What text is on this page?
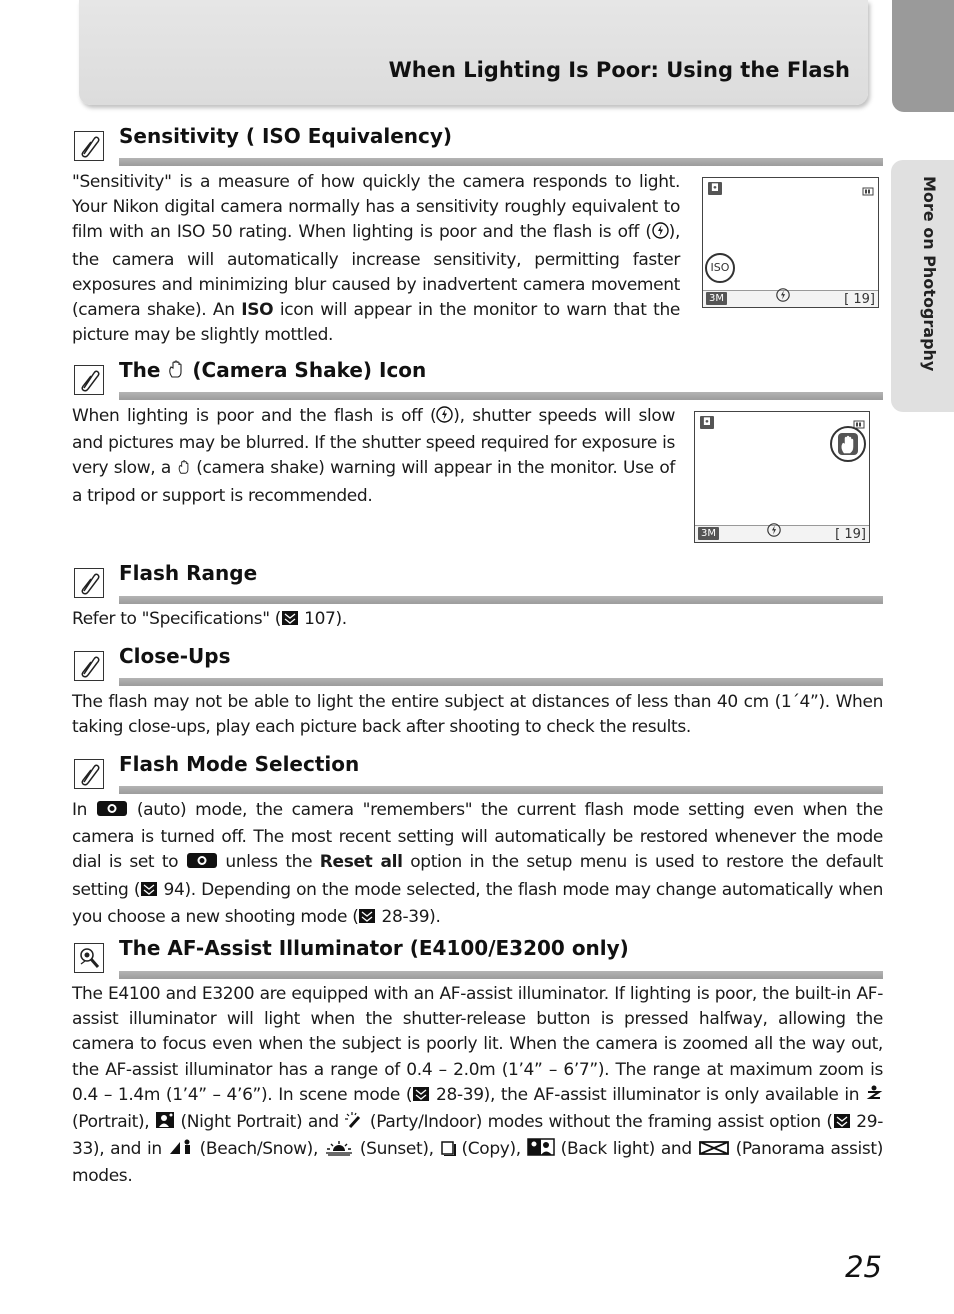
When Lighting Is Poor: Using the Flash
More on Photography
Sensitivity ( ISO Equivalency)

"Sensitivity" is a measure of how quickly the camera responds to light. Your Nikon digital camera normally has a sensitivity roughly equivalent to film with an ISO 50 rating. When lighting is poor and the flash is off ( ), the camera will automatically increase sensitivity, permitting faster exposures and minimizing blur caused by inadvertent camera movement (camera shake). An ISO icon will appear in the monitor to warn that the picture may be slightly mottled.

◘
ISO
3M	[ 19]
The (Camera Shake) Icon

When lighting is poor and the flash is off ( ), shutter speeds will slow and pictures may be blurred. If the shutter speed required for exposure is very slow, a  (camera shake) warning will appear in the monitor. Use of a tripod or support is recommended.

◘
3M	[ 19]
Flash Range

Refer to "Specifications" ( 107).

Close-Ups

The flash may not be able to light the entire subject at distances of less than 40 cm (1´4”). When taking close-ups, play each picture back after shooting to check the results.

Flash Mode Selection

In  (auto) mode, the camera "remembers" the current flash mode setting even when the camera is turned off. The most recent setting will automatically be restored whenever the mode dial is set to  unless the Reset all option in the setup menu is used to restore the default setting ( 94). Depending on the mode selected, the flash mode may change automatically when you choose a new shooting mode ( 28-39).

The AF-Assist Illuminator (E4100/E3200 only)

The E4100 and E3200 are equipped with an AF-assist illuminator. If lighting is poor, the built-in AF-assist illuminator will light when the shutter-release button is pressed halfway, allowing the camera to focus even when the subject is poorly lit. When the camera is zoomed all the way out, the AF-assist illuminator has a range of 0.4 – 2.0m (1’4” – 6’7”). The range at maximum zoom is 0.4 – 1.4m (1’4” – 4’6”). In scene mode ( 28-39), the AF-assist illuminator is only available in  (Portrait),  (Night Portrait) and  (Party/Indoor) modes without the framing assist option ( 29-33), and in  (Beach/Snow),  (Sunset),  (Copy),  (Back light) and  (Panorama assist) modes.

25
